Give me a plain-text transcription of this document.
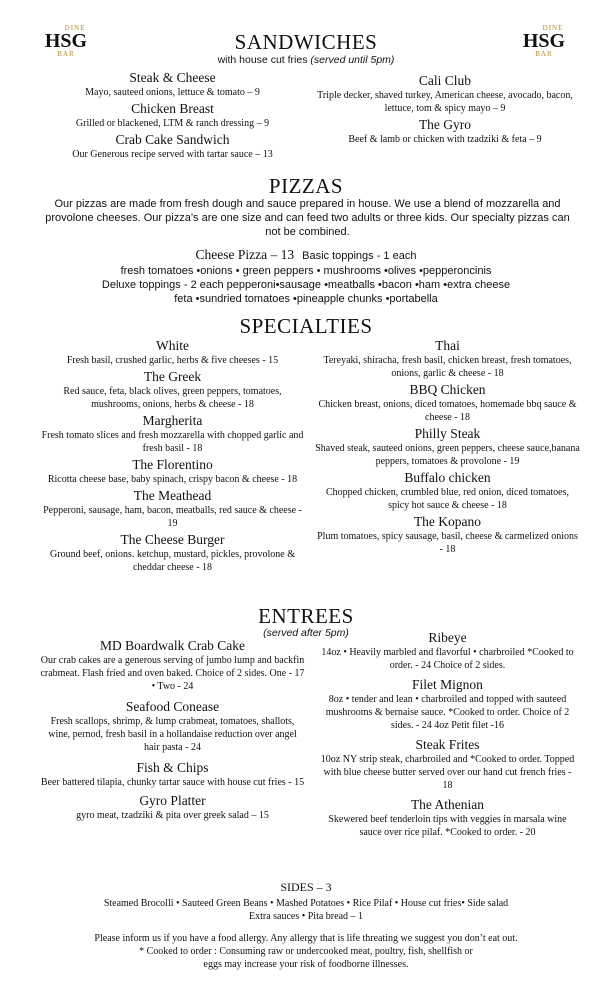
DINE
HSG
BAR
DINE
HSG
BAR
SANDWICHES
with house cut fries (served until 5pm)
Steak & Cheese
Mayo, sauteed onions, lettuce & tomato – 9
Chicken Breast
Grilled or blackened, LTM & ranch dressing – 9
Crab Cake Sandwich
Our Generous recipe served with tartar sauce – 13
Cali Club
Triple decker, shaved turkey, American cheese, avocado, bacon, lettuce, tom & spicy mayo – 9
The Gyro
Beef & lamb or chicken with tzadziki & feta – 9
PIZZAS
Our pizzas are made from fresh dough and sauce prepared in house. We use a blend of mozzarella and provolone cheeses. Our pizza’s are one size and can feed two adults or three kids. Our specialty pizzas can not be combined.
Cheese Pizza – 13 Basic toppings - 1 each
fresh tomatoes •onions • green peppers • mushrooms •olives •pepperoncinis
Deluxe toppings - 2 each pepperoni•sausage •meatballs •bacon •ham •extra cheese
feta •sundried tomatoes •pineapple chunks •portabella
SPECIALTIES
White
Fresh basil, crushed garlic, herbs & five cheeses - 15
The Greek
Red sauce, feta, black olives, green peppers, tomatoes, mushrooms, onions, herbs & cheese - 18
Margherita
Fresh tomato slices and fresh mozzarella with chopped garlic and fresh basil - 18
The Florentino
Ricotta cheese base, baby spinach, crispy bacon & cheese - 18
The Meathead
Pepperoni, sausage, ham, bacon, meatballs, red sauce & cheese - 19
The Cheese Burger
Ground beef, onions. ketchup, mustard, pickles, provolone & cheddar cheese - 18
Thai
Tereyaki, shiracha, fresh basil, chicken breast, fresh tomatoes, onions, garlic & cheese - 18
BBQ Chicken
Chicken breast, onions, diced tomatoes, homemade bbq sauce & cheese - 18
Philly Steak
Shaved steak, sauteed onions, green peppers, cheese sauce,banana peppers, tomatoes & provolone - 19
Buffalo chicken
Chopped chicken, crumbled blue, red onion, diced tomatoes, spicy hot sauce & cheese - 18
The Kopano
Plum tomatoes, spicy sausage, basil, cheese & carmelized onions - 18
ENTREES
(served after 5pm)
MD Boardwalk Crab Cake
Our crab cakes are a generous serving of jumbo lump and backfin crabmeat. Flash fried and oven baked. Choice of 2 sides. One - 17 • Two - 24
Seafood Conease
Fresh scallops, shrimp, & lump crabmeat, tomatoes, shallots, wine, pernod, fresh basil in a hollandaise reduction over angel hair pasta - 24
Fish & Chips
Beer battered tilapia, chunky tartar sauce with house cut fries - 15
Gyro Platter
gyro meat, tzadziki & pita over greek salad – 15
Ribeye
14oz • Heavily marbled and flavorful • charbroiled *Cooked to order. - 24 Choice of 2 sides.
Filet Mignon
8oz • tender and lean • charbroiled and topped with sauteed mushrooms & bernaise sauce. *Cooked to order. Choice of 2 sides. - 24 4oz Petit filet -16
Steak Frites
10oz NY strip steak, charbroiled and *Cooked to order. Topped with blue cheese butter served over our hand cut french fries - 18
The Athenian
Skewered beef tenderloin tips with veggies in marsala wine sauce over rice pilaf. *Cooked to order. - 20
SIDES – 3
Steamed Brocolli • Sauteed Green Beans • Mashed Potatoes • Rice Pilaf • House cut fries• Side salad
Extra sauces • Pita bread – 1
Please inform us if you have a food allergy. Any allergy that is life threating we suggest you don’t eat out.
* Cooked to order : Consuming raw or undercooked meat, poultry, fish, shellfish or
eggs may increase your risk of foodborne illnesses.
